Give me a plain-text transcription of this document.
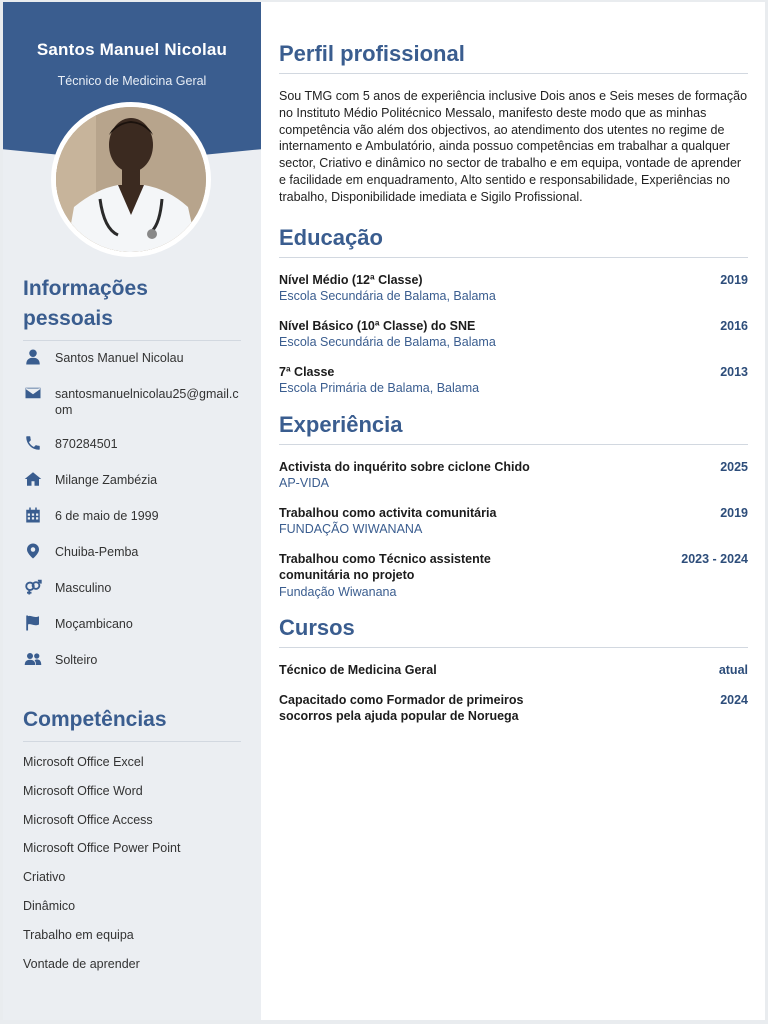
Santos Manuel Nicolau
Técnico de Medicina Geral
Informações pessoais
Santos Manuel Nicolau
santosmanuelnicolau25@gmail.com
870284501
Milange Zambézia
6 de maio de 1999
Chuiba-Pemba
Masculino
Moçambicano
Solteiro
Competências
Microsoft Office Excel
Microsoft Office Word
Microsoft Office Access
Microsoft Office Power Point
Criativo
Dinâmico
Trabalho em equipa
Vontade de aprender
Perfil profissional

Sou TMG com 5 anos de experiência inclusive Dois anos e Seis meses de formação no Instituto Médio Politécnico Messalo, manifesto deste modo que as minhas competência vão além dos objectivos, ao atendimento dos utentes no regime de internamento e Ambulatório, ainda possuo competências em trabalhar a qualquer sector, Criativo e dinâmico no sector de trabalho e em equipa, vontade de aprender e facilidade em enquadramento, Alto sentido e responsabilidade, Experiências no trabalho, Disponibilidade imediata e Sigilo Profissional.

Educação
Nível Médio (12ª Classe)
Escola Secundária de Balama, Balama
2019
Nível Básico (10ª Classe) do SNE
Escola Secundária de Balama, Balama
2016
7ª Classe
Escola Primária de Balama, Balama
2013
Experiência
Activista do inquérito sobre ciclone Chido
AP-VIDA
2025
Trabalhou como activita comunitária
FUNDAÇÃO WIWANANA
2019
Trabalhou como Técnico assistente comunitária no projeto
Fundação Wiwanana
2023 - 2024
Cursos
Técnico de Medicina Geral	atual
Capacitado como Formador de primeiros socorros pela ajuda popular de Noruega
2024
